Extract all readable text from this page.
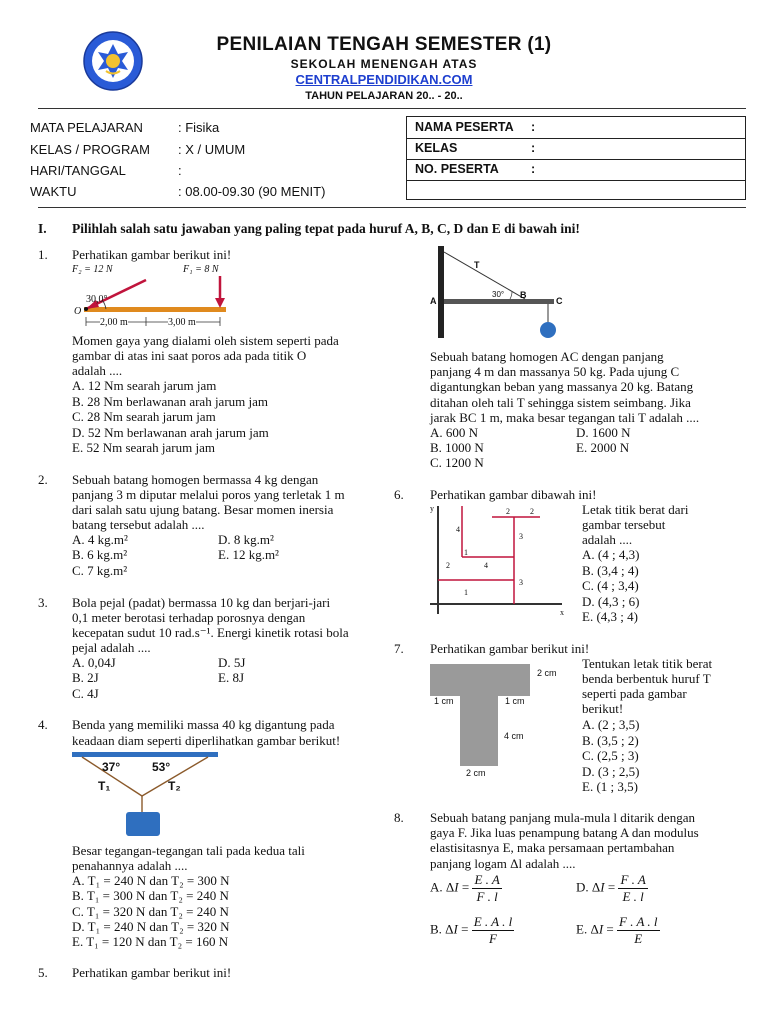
PENILAIAN TENGAH SEMESTER (1)
SEKOLAH MENENGAH ATAS
CENTRALPENDIDIKAN.COM
TAHUN PELAJARAN 20.. - 20..
MATA PELAJARAN	: Fisika
KELAS / PROGRAM : X / UMUM
HARI/TANGGAL	:
WAKTU	: 08.00-09.30 (90 MENIT)
NAMA PESERTA :
KELAS	:
NO. PESERTA	:
I. Pilihlah salah satu jawaban yang paling tepat pada huruf A, B, C, D dan E di bawah ini!
1. Perhatikan gambar berikut ini!
F₂ = 12 N	F₁ = 8 N
30,0°
O
2,00 m	3,00 m
Momen gaya yang dialami oleh sistem seperti pada
gambar di atas ini saat poros ada pada titik O
adalah ....
A. 12 Nm searah jarum jam
B. 28 Nm berlawanan arah jarum jam
C. 28 Nm searah jarum jam
D. 52 Nm berlawanan arah jarum jam
E. 52 Nm searah jarum jam
2. Sebuah batang homogen bermassa 4 kg dengan
panjang 3 m diputar melalui poros yang terletak 1 m
dari salah satu ujung batang. Besar momen inersia
batang tersebut adalah ....
A. 4 kg.m²	D. 8 kg.m²
B. 6 kg.m²	E. 12 kg.m²
C. 7 kg.m²
3. Bola pejal (padat) bermassa 10 kg dan berjari-jari
0,1 meter berotasi terhadap porosnya dengan
kecepatan sudut 10 rad.s⁻¹. Energi kinetik rotasi bola
pejal adalah ....
A. 0,04J	D. 5J
B. 2J	E. 8J
C. 4J
4. Benda yang memiliki massa 40 kg digantung pada
keadaan diam seperti diperlihatkan gambar berikut!
37°	53°
T₁	T₂
Besar tegangan-tegangan tali pada kedua tali
penahannya adalah ....
A. T₁ = 240 N dan T₂ = 300 N
B. T₁ = 300 N dan T₂ = 240 N
C. T₁ = 320 N dan T₂ = 240 N
D. T₁ = 240 N dan T₂ = 320 N
E. T₁ = 120 N dan T₂ = 160 N
5. Perhatikan gambar berikut ini!
A
B
C
T
30°
Sebuah batang homogen AC dengan panjang
panjang 4 m dan massanya 50 kg. Pada ujung C
digantungkan beban yang massanya 20 kg. Batang
ditahan oleh tali T sehingga sistem seimbang. Jika
jarak BC 1 m, maka besar tegangan tali T adalah ....
A. 600 N	D. 1600 N
B. 1000 N	E. 2000 N
C. 1200 N
6. Perhatikan gambar dibawah ini!
y
x
4
2	2
3
3
2	4
1
1
Letak titik berat dari
gambar tersebut
adalah ....
A. (4 ; 4,3)
B. (3,4 ; 4)
C. (4 ; 3,4)
D. (4,3 ; 6)
E. (4,3 ; 4)
7. Perhatikan gambar berikut ini!
2 cm
1 cm	1 cm
4 cm
2 cm
Tentukan letak titik berat
benda berbentuk huruf T
seperti pada gambar
berikut!
A. (2 ; 3,5)
B. (3,5 ; 2)
C. (2,5 ; 3)
D. (3 ; 2,5)
E. (1 ; 3,5)
8. Sebuah batang panjang mula-mula l ditarik dengan
gaya F. Jika luas penampung batang A dan modulus
elastisitasnya E, maka persamaan pertambahan
panjang logam Δl adalah ....
A. $\Delta I = \frac{E . A}{F . l}$	D. $\Delta I = \frac{F . A}{E . l}$
B. $\Delta I = \frac{E . A . l}{F}$	E. $\Delta I = \frac{F . A . l}{E}$
